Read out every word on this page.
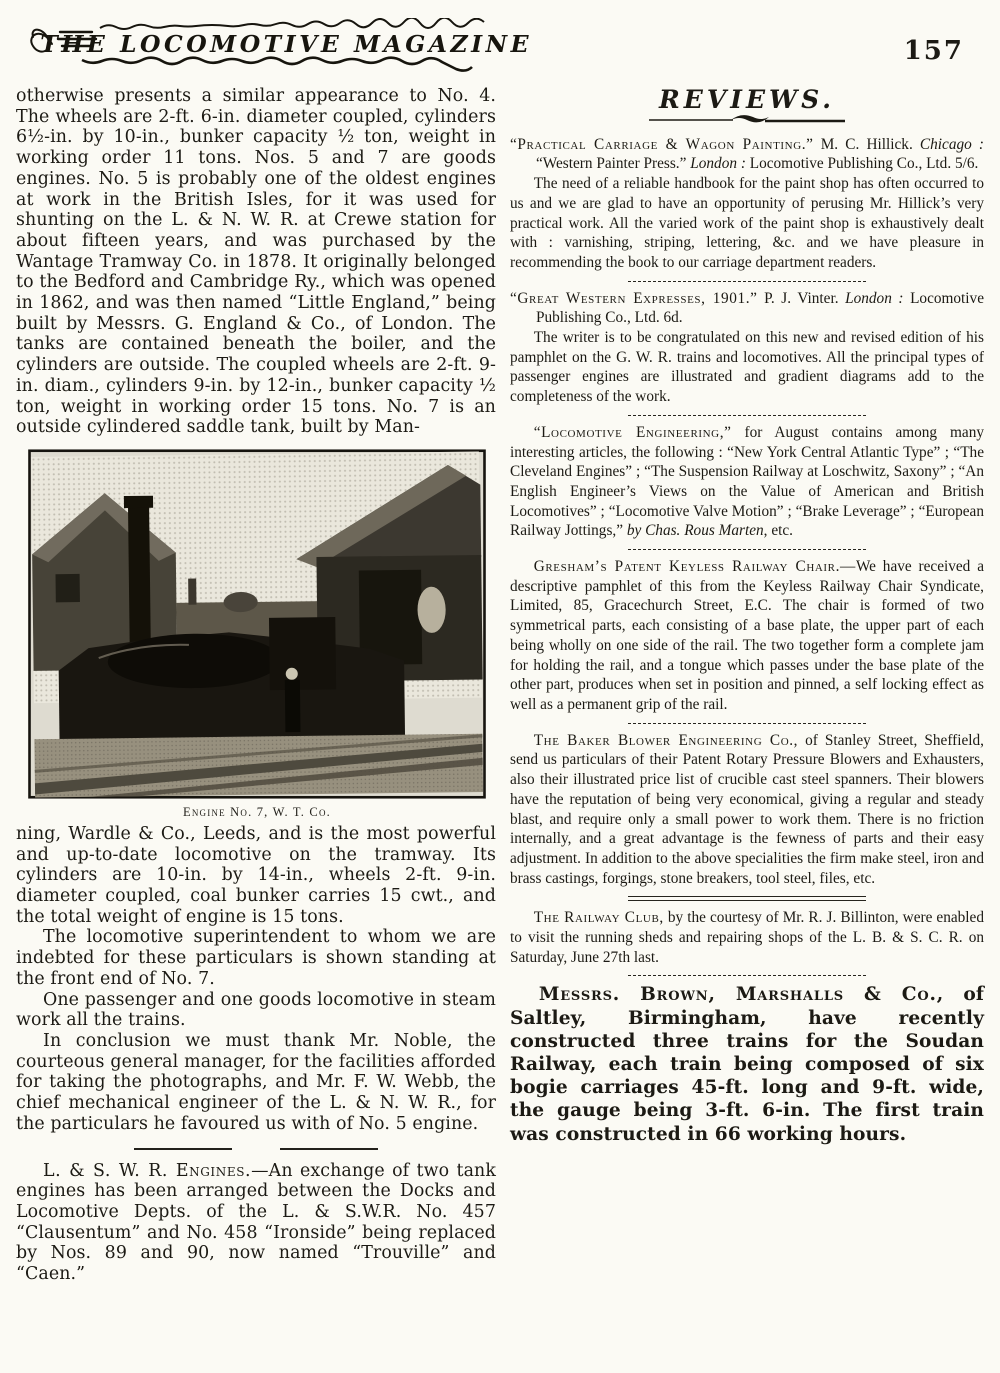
THE LOCOMOTIVE MAGAZINE.	157

otherwise presents a similar appearance to No. 4. The wheels are 2-ft. 6-in. diameter coupled, cylinders 6½-in. by 10-in., bunker capacity ½ ton, weight in working order 11 tons. Nos. 5 and 7 are goods engines. No. 5 is probably one of the oldest engines at work in the British Isles, for it was used for shunting on the L. & N. W. R. at Crewe station for about fifteen years, and was purchased by the Wantage Tramway Co. in 1878. It originally belonged to the Bedford and Cambridge Ry., which was opened in 1862, and was then named “Little England,” being built by Messrs. G. England & Co., of London. The tanks are contained beneath the boiler, and the cylinders are outside. The coupled wheels are 2-ft. 9-in. diam., cylinders 9-in. by 12-in., bunker capacity ½ ton, weight in working order 15 tons. No. 7 is an outside cylindered saddle tank, built by Man-

Engine No. 7, W. T. Co.

ning, Wardle & Co., Leeds, and is the most powerful and up-to-date locomotive on the tramway. Its cylinders are 10-in. by 14-in., wheels 2-ft. 9-in. diameter coupled, coal bunker carries 15 cwt., and the total weight of engine is 15 tons.

The locomotive superintendent to whom we are indebted for these particulars is shown standing at the front end of No. 7.

One passenger and one goods locomotive in steam work all the trains.

In conclusion we must thank Mr. Noble, the courteous general manager, for the facilities afforded for taking the photographs, and Mr. F. W. Webb, the chief mechanical engineer of the L. & N. W. R., for the particulars he favoured us with of No. 5 engine.

L. & S. W. R. Engines.—An exchange of two tank engines has been arranged between the Docks and Locomotive Depts. of the L. & S.W.R. No. 457 “Clausentum” and No. 458 “Ironside” being replaced by Nos. 89 and 90, now named “Trouville” and “Caen.”

REVIEWS.

“Practical Carriage & Wagon Painting.” M. C. Hillick. Chicago : “Western Painter Press.” London : Locomotive Publishing Co., Ltd. 5/6.

The need of a reliable handbook for the paint shop has often occurred to us and we are glad to have an opportunity of perusing Mr. Hillick’s very practical work. All the varied work of the paint shop is exhaustively dealt with : varnishing, striping, lettering, &c. and we have pleasure in recommending the book to our carriage department readers.

“Great Western Expresses, 1901.” P. J. Vinter. London : Locomotive Publishing Co., Ltd. 6d.

The writer is to be congratulated on this new and revised edition of his pamphlet on the G. W. R. trains and locomotives. All the principal types of passenger engines are illustrated and gradient diagrams add to the completeness of the work.

“Locomotive Engineering,” for August contains among many interesting articles, the following : “New York Central Atlantic Type” ; “The Cleveland Engines” ; “The Suspension Railway at Loschwitz, Saxony” ; “An English Engineer’s Views on the Value of American and British Locomotives” ; “Locomotive Valve Motion” ; “Brake Leverage” ; “European Railway Jottings,” by Chas. Rous Marten, etc.

Gresham’s Patent Keyless Railway Chair.—We have received a descriptive pamphlet of this from the Keyless Railway Chair Syndicate, Limited, 85, Gracechurch Street, E.C. The chair is formed of two symmetrical parts, each consisting of a base plate, the upper part of each being wholly on one side of the rail. The two together form a complete jam for holding the rail, and a tongue which passes under the base plate of the other part, produces when set in position and pinned, a self locking effect as well as a permanent grip of the rail.

The Baker Blower Engineering Co., of Stanley Street, Sheffield, send us particulars of their Patent Rotary Pressure Blowers and Exhausters, also their illustrated price list of crucible cast steel spanners. Their blowers have the reputation of being very economical, giving a regular and steady blast, and require only a small power to work them. There is no friction internally, and a great advantage is the fewness of parts and their easy adjustment. In addition to the above specialities the firm make steel, iron and brass castings, forgings, stone breakers, tool steel, files, etc.

The Railway Club, by the courtesy of Mr. R. J. Billinton, were enabled to visit the running sheds and repairing shops of the L. B. & S. C. R. on Saturday, June 27th last.

Messrs. Brown, Marshalls & Co., of Saltley, Birmingham, have recently constructed three trains for the Soudan Railway, each train being composed of six bogie carriages 45-ft. long and 9-ft. wide, the gauge being 3-ft. 6-in. The first train was constructed in 66 working hours.
